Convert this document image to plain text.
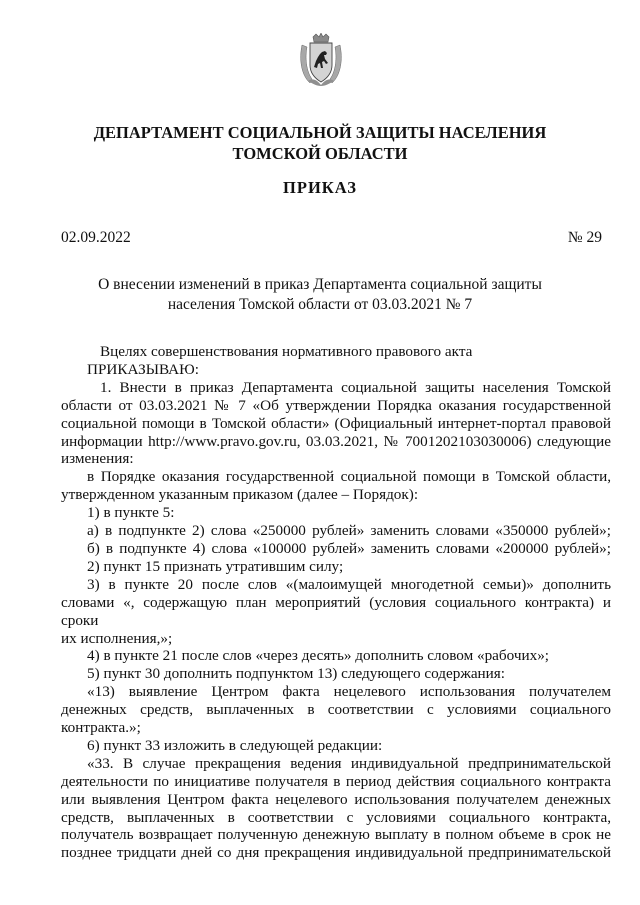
ДЕПАРТАМЕНТ СОЦИАЛЬНОЙ ЗАЩИТЫ НАСЕЛЕНИЯ
ТОМСКОЙ ОБЛАСТИ
ПРИКАЗ
02.09.2022	№ 29
О внесении изменений в приказ Департамента социальной защиты
населения Томской области от 03.03.2021 № 7

Вцелях совершенствования нормативного правового акта

ПРИКАЗЫВАЮ:

1. Внести в приказ Департамента социальной защиты населения Томской

области от 03.03.2021 № 7 «Об утверждении Порядка оказания государственной

социальной помощи в Томской области» (Официальный интернет-портал правовой

информации http://www.pravo.gov.ru, 03.03.2021, № 7001202103030006) следующие

изменения:

в Порядке оказания государственной социальной помощи в Томской области,

утвержденном указанным приказом (далее – Порядок):

1) в пункте 5:

а) в подпункте 2) слова «250000 рублей» заменить словами «350000 рублей»;

б) в подпункте 4) слова «100000 рублей» заменить словами «200000 рублей»;

2) пункт 15 признать утратившим силу;

3) в пункте 20 после слов «(малоимущей многодетной семьи)» дополнить

словами «, содержащую план мероприятий (условия социального контракта) и сроки

их исполнения,»;

4) в пункте 21 после слов «через десять» дополнить словом «рабочих»;

5) пункт 30 дополнить подпунктом 13) следующего содержания:

«13) выявление Центром факта нецелевого использования получателем

денежных средств, выплаченных в соответствии с условиями социального

контракта.»;

6) пункт 33 изложить в следующей редакции:

«33. В случае прекращения ведения индивидуальной предпринимательской

деятельности по инициативе получателя в период действия социального контракта

или выявления Центром факта нецелевого использования получателем денежных

средств, выплаченных в соответствии с условиями социального контракта,

получатель возвращает полученную денежную выплату в полном объеме в срок не

позднее тридцати дней со дня прекращения индивидуальной предпринимательской
